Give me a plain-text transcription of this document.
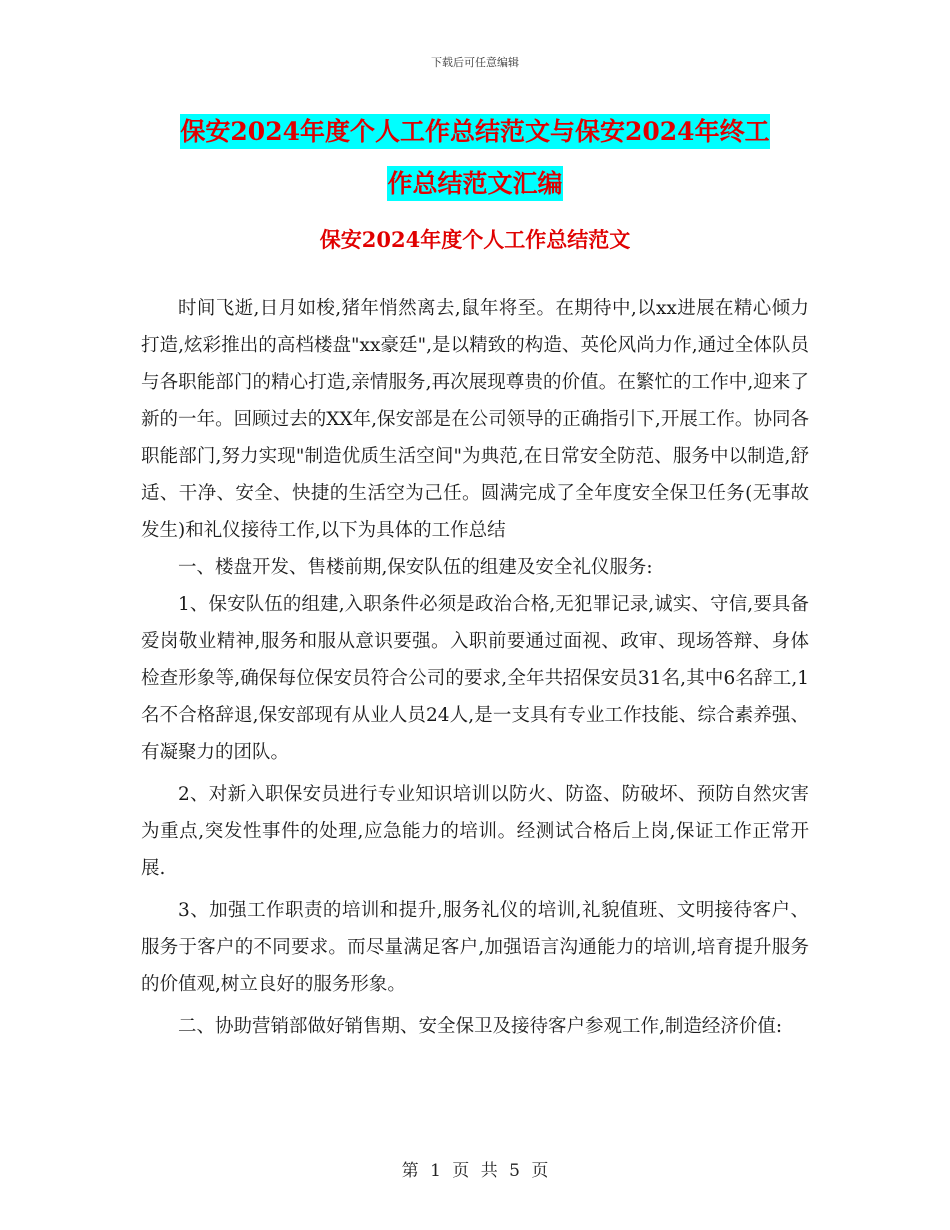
下载后可任意编辑
保安2024年度个人工作总结范文与保安2024年终工
作总结范文汇编
保安2024年度个人工作总结范文

时间飞逝,日月如梭,猪年悄然离去,鼠年将至。在期待中,以xx进展在精心倾力打造,炫彩推出的高档楼盘"xx豪廷",是以精致的构造、英伦风尚力作,通过全体队员与各职能部门的精心打造,亲情服务,再次展现尊贵的价值。在繁忙的工作中,迎来了新的一年。回顾过去的XX年,保安部是在公司领导的正确指引下,开展工作。协同各职能部门,努力实现"制造优质生活空间"为典范,在日常安全防范、服务中以制造,舒适、干净、安全、快捷的生活空为己任。圆满完成了全年度安全保卫任务(无事故发生)和礼仪接待工作,以下为具体的工作总结

一、楼盘开发、售楼前期,保安队伍的组建及安全礼仪服务:

1、保安队伍的组建,入职条件必须是政治合格,无犯罪记录,诚实、守信,要具备爱岗敬业精神,服务和服从意识要强。入职前要通过面视、政审、现场答辩、身体检查形象等,确保每位保安员符合公司的要求,全年共招保安员31名,其中6名辞工,1名不合格辞退,保安部现有从业人员24人,是一支具有专业工作技能、综合素养强、有凝聚力的团队。

2、对新入职保安员进行专业知识培训以防火、防盗、防破坏、预防自然灾害为重点,突发性事件的处理,应急能力的培训。经测试合格后上岗,保证工作正常开展.

3、加强工作职责的培训和提升,服务礼仪的培训,礼貌值班、文明接待客户、服务于客户的不同要求。而尽量满足客户,加强语言沟通能力的培训,培育提升服务的价值观,树立良好的服务形象。

二、协助营销部做好销售期、安全保卫及接待客户参观工作,制造经济价值:

第 1 页 共 5 页
